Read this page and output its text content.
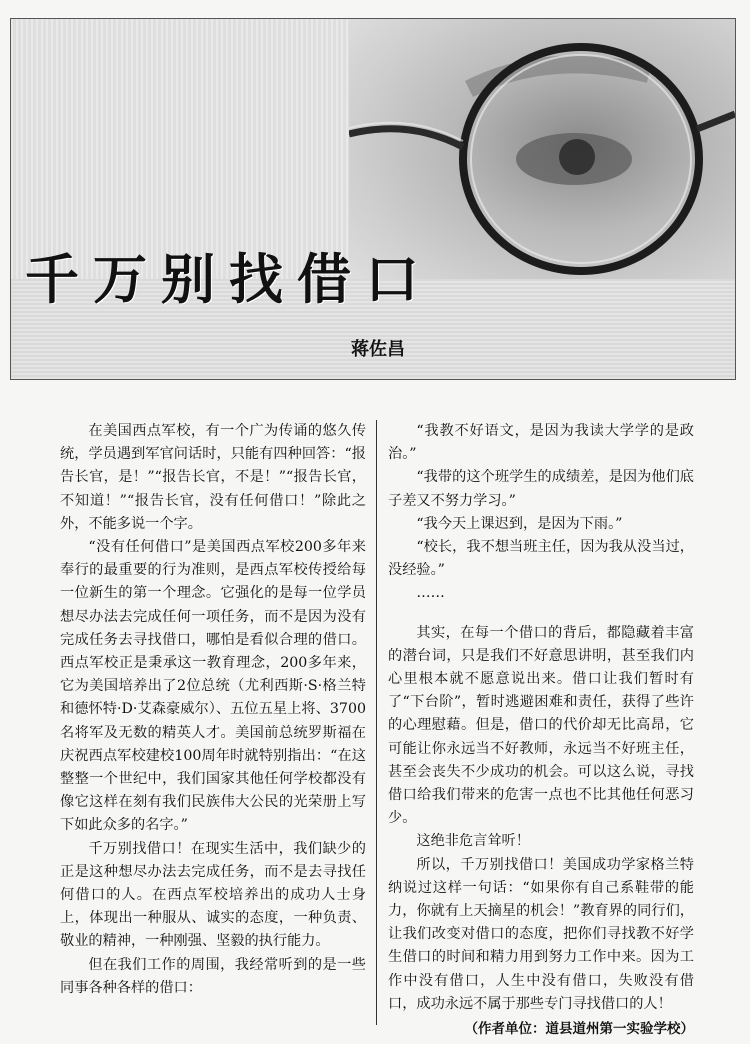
千万别找借口
蒋佐昌

在美国西点军校，有一个广为传诵的悠久传统，学员遇到军官问话时，只能有四种回答：“报告长官，是！”“报告长官，不是！”“报告长官，不知道！”“报告长官，没有任何借口！”除此之外，不能多说一个字。

“没有任何借口”是美国西点军校200多年来奉行的最重要的行为准则，是西点军校传授给每一位新生的第一个理念。它强化的是每一位学员想尽办法去完成任何一项任务，而不是因为没有完成任务去寻找借口，哪怕是看似合理的借口。西点军校正是秉承这一教育理念，200多年来，它为美国培养出了2位总统（尤利西斯·S·格兰特和德怀特·D·艾森豪威尔）、五位五星上将、3700名将军及无数的精英人才。美国前总统罗斯福在庆祝西点军校建校100周年时就特别指出：“在这整整一个世纪中，我们国家其他任何学校都没有像它这样在刻有我们民族伟大公民的光荣册上写下如此众多的名字。”

千万别找借口！在现实生活中，我们缺少的正是这种想尽办法去完成任务，而不是去寻找任何借口的人。在西点军校培养出的成功人士身上，体现出一种服从、诚实的态度，一种负责、敬业的精神，一种刚强、坚毅的执行能力。

但在我们工作的周围，我经常听到的是一些同事各种各样的借口：

“我教不好语文，是因为我读大学学的是政治。”

“我带的这个班学生的成绩差，是因为他们底子差又不努力学习。”

“我今天上课迟到，是因为下雨。”

“校长，我不想当班主任，因为我从没当过，没经验。”

……

其实，在每一个借口的背后，都隐藏着丰富的潜台词，只是我们不好意思讲明，甚至我们内心里根本就不愿意说出来。借口让我们暂时有了“下台阶”，暂时逃避困难和责任，获得了些许的心理慰藉。但是，借口的代价却无比高昂，它可能让你永远当不好教师，永远当不好班主任，甚至会丧失不少成功的机会。可以这么说，寻找借口给我们带来的危害一点也不比其他任何恶习少。

这绝非危言耸听！

所以，千万别找借口！美国成功学家格兰特纳说过这样一句话：“如果你有自己系鞋带的能力，你就有上天摘星的机会！”教育界的同行们，让我们改变对借口的态度，把你们寻找教不好学生借口的时间和精力用到努力工作中来。因为工作中没有借口，人生中没有借口，失败没有借口，成功永远不属于那些专门寻找借口的人！

（作者单位：道县道州第一实验学校）
